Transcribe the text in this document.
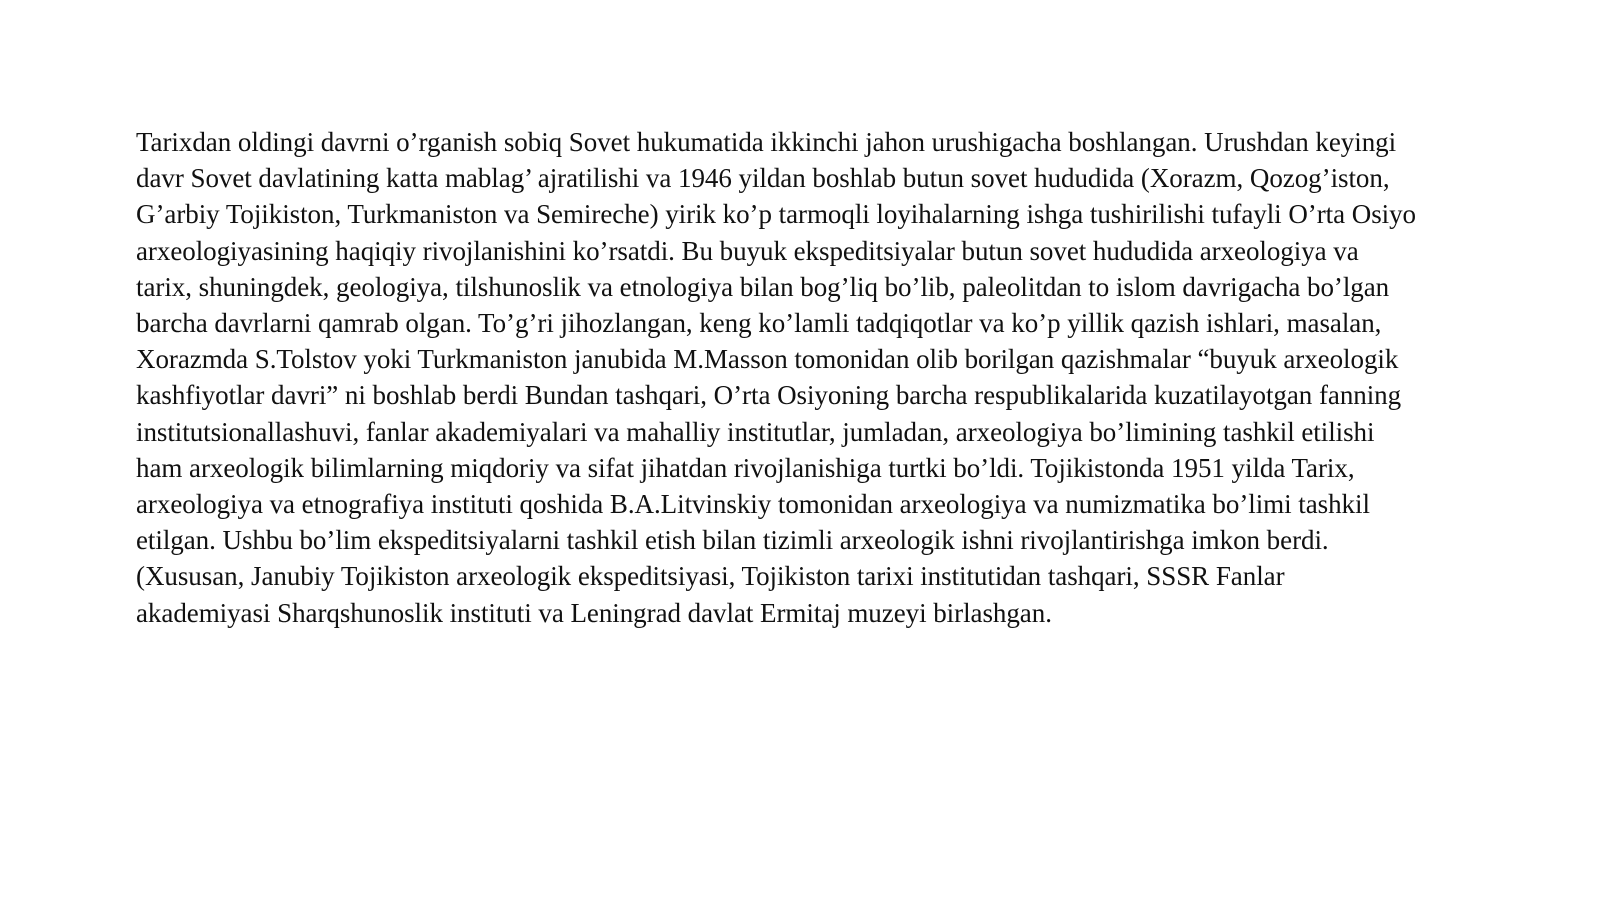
Tarixdan oldingi davrni o’rganish sobiq Sovet hukumatida ikkinchi jahon urushigacha boshlangan. Urushdan keyingi
davr Sovet davlatining katta mablag’ ajratilishi va 1946 yildan boshlab butun sovet hududida (Xorazm, Qozog’iston,
G’arbiy Tojikiston, Turkmaniston va Semireche) yirik ko’p tarmoqli loyihalarning ishga tushirilishi tufayli O’rta Osiyo
arxeologiyasining haqiqiy rivojlanishini ko’rsatdi. Bu buyuk ekspeditsiyalar butun sovet hududida arxeologiya va
tarix, shuningdek, geologiya, tilshunoslik va etnologiya bilan bog’liq bo’lib, paleolitdan to islom davrigacha bo’lgan
barcha davrlarni qamrab olgan. To’g’ri jihozlangan, keng ko’lamli tadqiqotlar va ko’p yillik qazish ishlari, masalan,
Xorazmda S.Tolstov yoki Turkmaniston janubida M.Masson tomonidan olib borilgan qazishmalar “buyuk arxeologik
kashfiyotlar davri” ni boshlab berdi Bundan tashqari, O’rta Osiyoning barcha respublikalarida kuzatilayotgan fanning
institutsionallashuvi, fanlar akademiyalari va mahalliy institutlar, jumladan, arxeologiya bo’limining tashkil etilishi
ham arxeologik bilimlarning miqdoriy va sifat jihatdan rivojlanishiga turtki bo’ldi. Tojikistonda 1951 yilda Tarix,
arxeologiya va etnografiya instituti qoshida B.A.Litvinskiy tomonidan arxeologiya va numizmatika bo’limi tashkil
etilgan. Ushbu bo’lim ekspeditsiyalarni tashkil etish bilan tizimli arxeologik ishni rivojlantirishga imkon berdi.
(Xususan, Janubiy Tojikiston arxeologik ekspeditsiyasi, Tojikiston tarixi institutidan tashqari, SSSR Fanlar
akademiyasi Sharqshunoslik instituti va Leningrad davlat Ermitaj muzeyi birlashgan.
